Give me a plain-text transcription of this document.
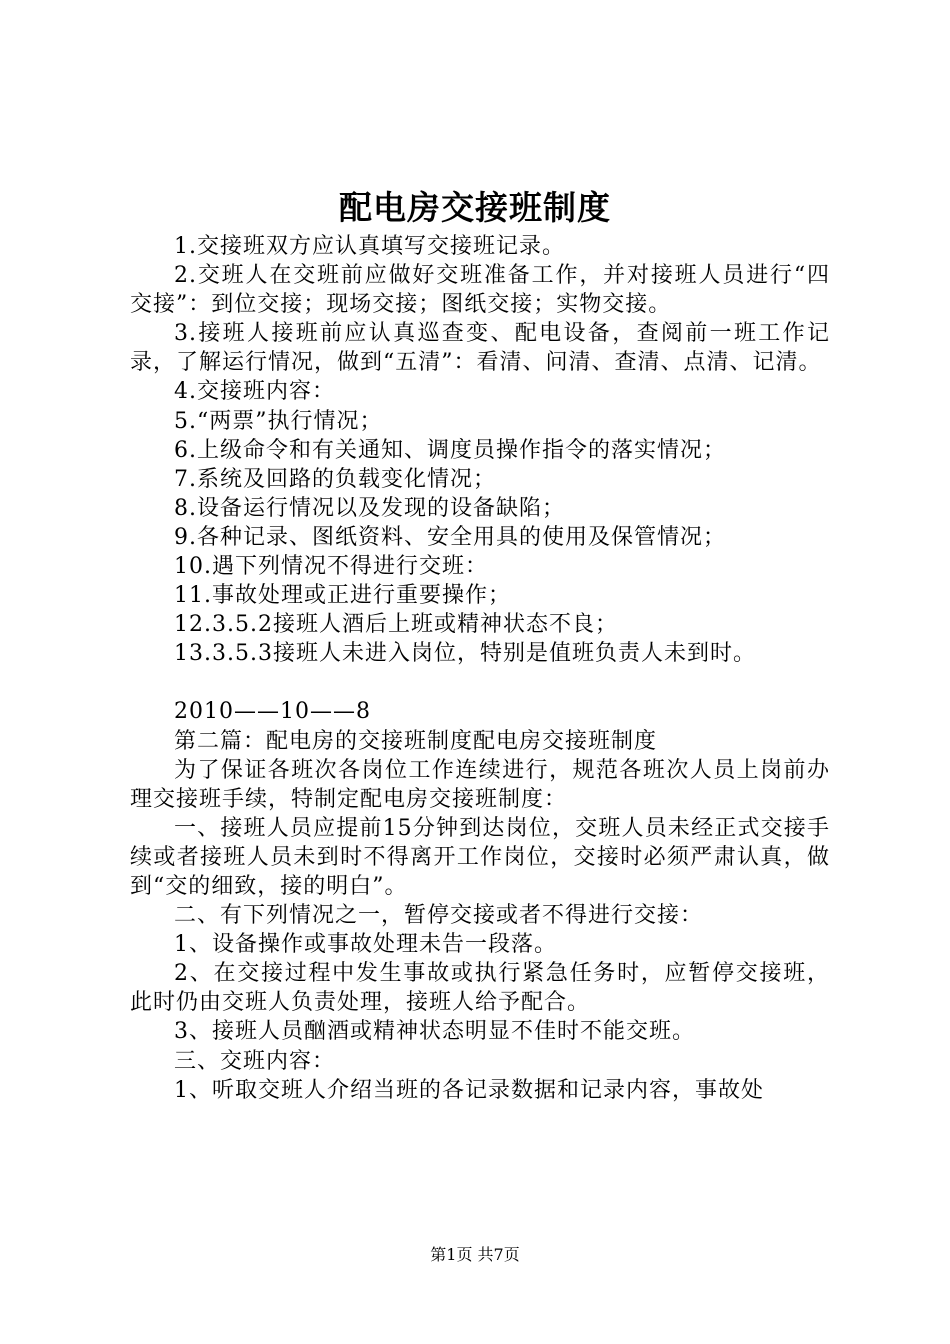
配电房交接班制度

1.交接班双方应认真填写交接班记录。

2.交班人在交班前应做好交班准备工作，并对接班人员进行“四交接”：到位交接；现场交接；图纸交接；实物交接。

3.接班人接班前应认真巡查变、配电设备，查阅前一班工作记录，了解运行情况，做到“五清”：看清、问清、查清、点清、记清。

4.交接班内容：

5.“两票”执行情况；

6.上级命令和有关通知、调度员操作指令的落实情况；

7.系统及回路的负载变化情况；

8.设备运行情况以及发现的设备缺陷；

9.各种记录、图纸资料、安全用具的使用及保管情况；

10.遇下列情况不得进行交班：

11.事故处理或正进行重要操作；

12.3.5.2接班人酒后上班或精神状态不良；

13.3.5.3接班人未进入岗位，特别是值班负责人未到时。

2010——10——8

第二篇：配电房的交接班制度配电房交接班制度

为了保证各班次各岗位工作连续进行，规范各班次人员上岗前办理交接班手续，特制定配电房交接班制度：

一、接班人员应提前15分钟到达岗位，交班人员未经正式交接手续或者接班人员未到时不得离开工作岗位，交接时必须严肃认真，做到“交的细致，接的明白”。

二、有下列情况之一，暂停交接或者不得进行交接：

1、设备操作或事故处理未告一段落。

2、在交接过程中发生事故或执行紧急任务时，应暂停交接班，此时仍由交班人负责处理，接班人给予配合。

3、接班人员酗酒或精神状态明显不佳时不能交班。

三、交班内容：

1、听取交班人介绍当班的各记录数据和记录内容，事故处

第1页 共7页
